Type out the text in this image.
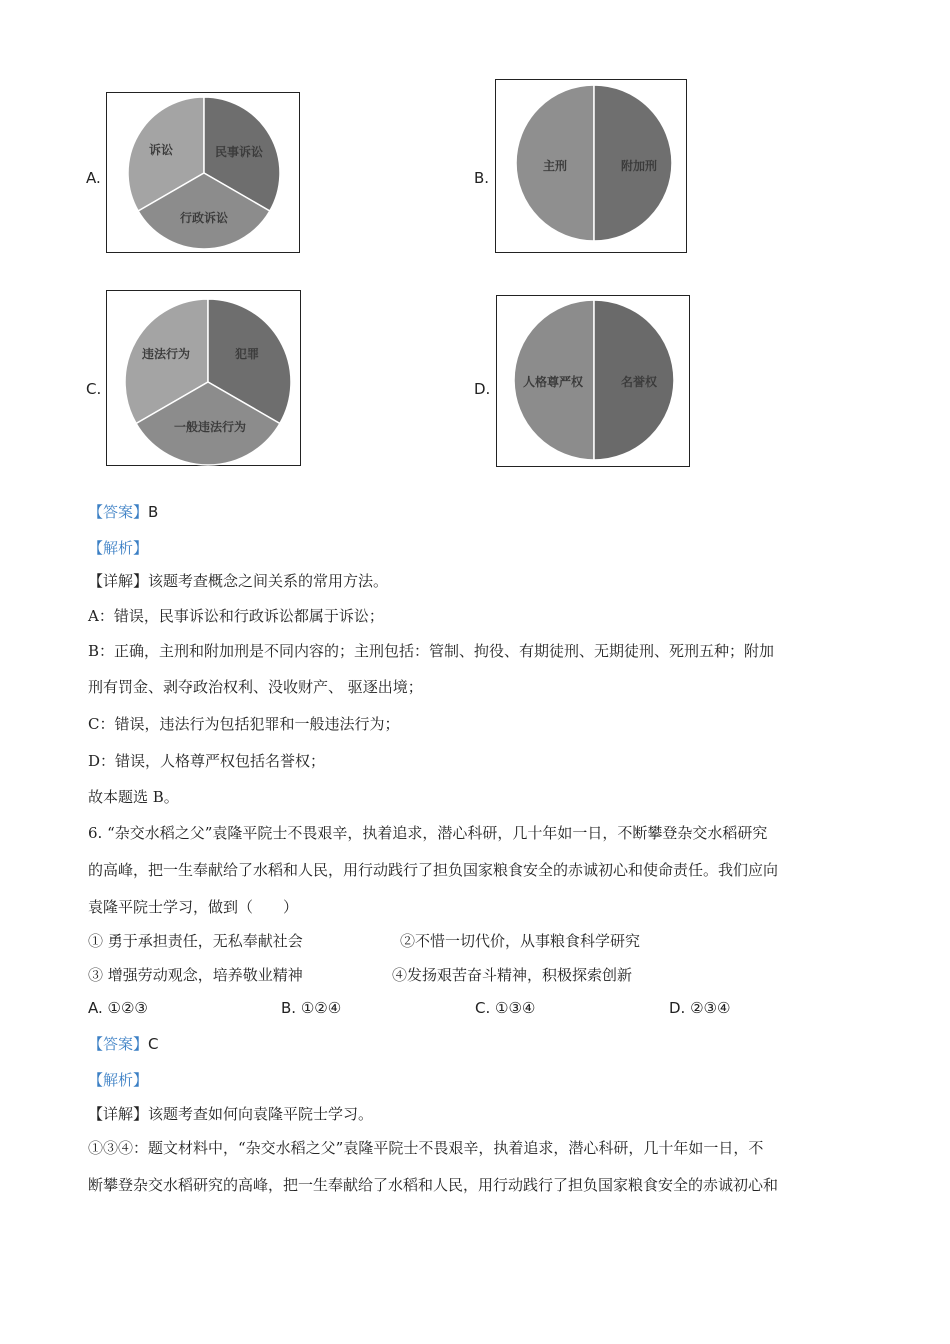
A.
诉讼	民事诉讼
行政诉讼
B.
主刑	附加刑
C.
违法行为	犯罪
一般违法行为
D.	人格尊严权	名誉权
【答案】B
【解析】
【详解】该题考查概念之间关系的常用方法。
A：错误，民事诉讼和行政诉讼都属于诉讼；
B：正确，主刑和附加刑是不同内容的；主刑包括：管制、拘役、有期徒刑、无期徒刑、死刑五种；附加
刑有罚金、剥夺政治权利、没收财产、 驱逐出境；
C：错误，违法行为包括犯罪和一般违法行为；
D：错误，人格尊严权包括名誉权；
故本题选 B。
6. “杂交水稻之父”袁隆平院士不畏艰辛，执着追求，潜心科研，几十年如一日，不断攀登杂交水稻研究
的高峰，把一生奉献给了水稻和人民，用行动践行了担负国家粮食安全的赤诚初心和使命责任。我们应向
袁隆平院士学习，做到（　　）
① 勇于承担责任，无私奉献社会	②不惜一切代价，从事粮食科学研究
③ 增强劳动观念，培养敬业精神	④发扬艰苦奋斗精神，积极探索创新
A. ①②③	B. ①②④	C. ①③④	D. ②③④
【答案】C
【解析】
【详解】该题考查如何向袁隆平院士学习。
①③④：题文材料中，“杂交水稻之父”袁隆平院士不畏艰辛，执着追求，潜心科研，几十年如一日，不
断攀登杂交水稻研究的高峰，把一生奉献给了水稻和人民，用行动践行了担负国家粮食安全的赤诚初心和
